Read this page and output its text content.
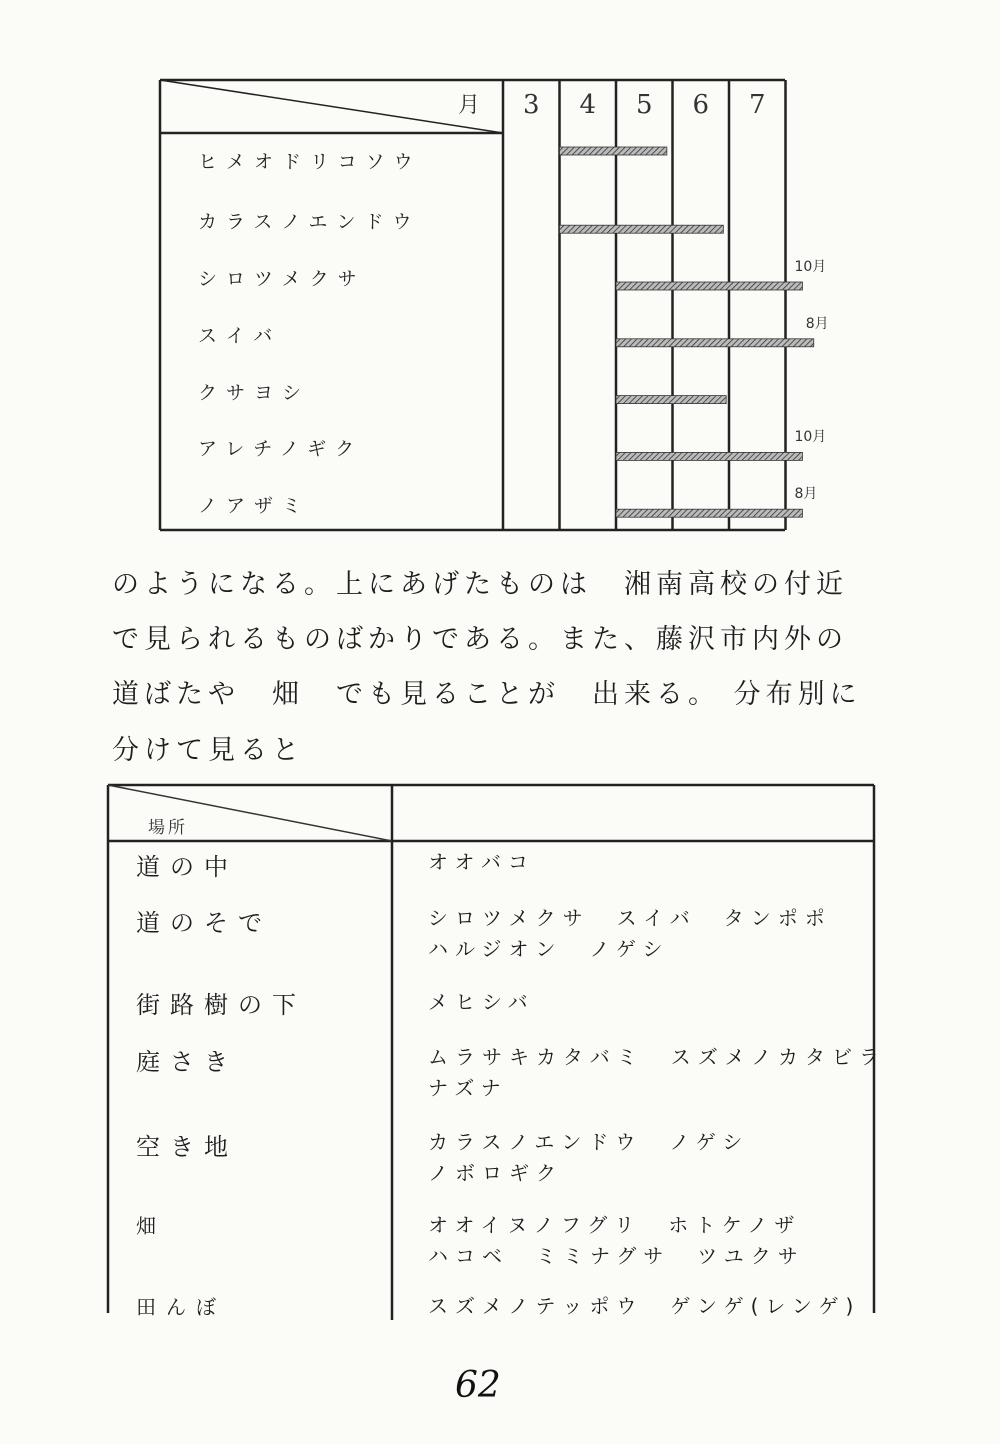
月	3	4	5	6	7
ヒメオドリコソウ
カラスノエンドウ
シロツメクサ
スイバ
クサヨシ
アレチノギク
ノアザミ
10月
8月
10月
8月
のようになる。上にあげたものは　湘南高校の付近
で見られるものばかりである。また、藤沢市内外の
道ばたや　畑　でも見ることが　出来る。 分布別に
分けて見ると
場所
道の中	オオバコ
道のそで	シロツメクサ　スイバ　タンポポ
ハルジオン　ノゲシ
街路樹の下	メヒシバ
庭さき	ムラサキカタバミ　スズメノカタビラ
ナズナ
空き地	カラスノエンドウ　ノゲシ
ノボロギク
畑	オオイヌノフグリ　ホトケノザ
ハコベ　ミミナグサ　ツユクサ
田んぼ	スズメノテッポウ　ゲンゲ(レンゲ)
62
